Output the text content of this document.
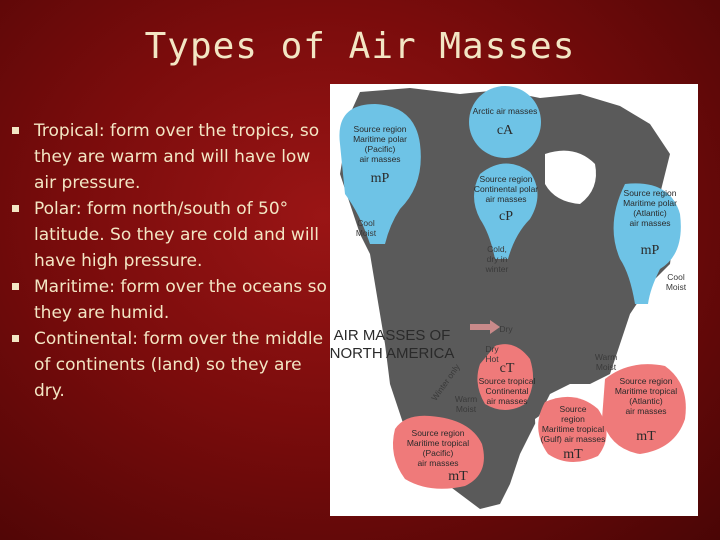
Types of Air Masses
Tropical: form over the tropics, so they are warm and will have low air pressure.
Polar: form north/south of 50° latitude. So they are cold and will have high pressure.
Maritime: form over the oceans so they are humid.
Continental: form over the middle of continents (land) so they are dry.
Arctic air masses
cA
Source region
Maritime polar
(Pacific)
air masses
mP	Source region
Continental polar
air masses
cP
Source region
Maritime polar
(Atlantic)
air masses
mP
cT
Source tropical
Continental
air masses
Source
region
Maritime tropical
(Gulf) air masses
mT
Source region
Maritime tropical
(Atlantic)
air masses
mT
Source region
Maritime tropical
(Pacific)
air masses
mT
AIR MASSES OF
NORTH AMERICA
Cool
Moist
Cold,
dry in
winter
Cool
Moist
Dry
Dry
Hot	Warm
Moist
Warm
Moist
Winter only
